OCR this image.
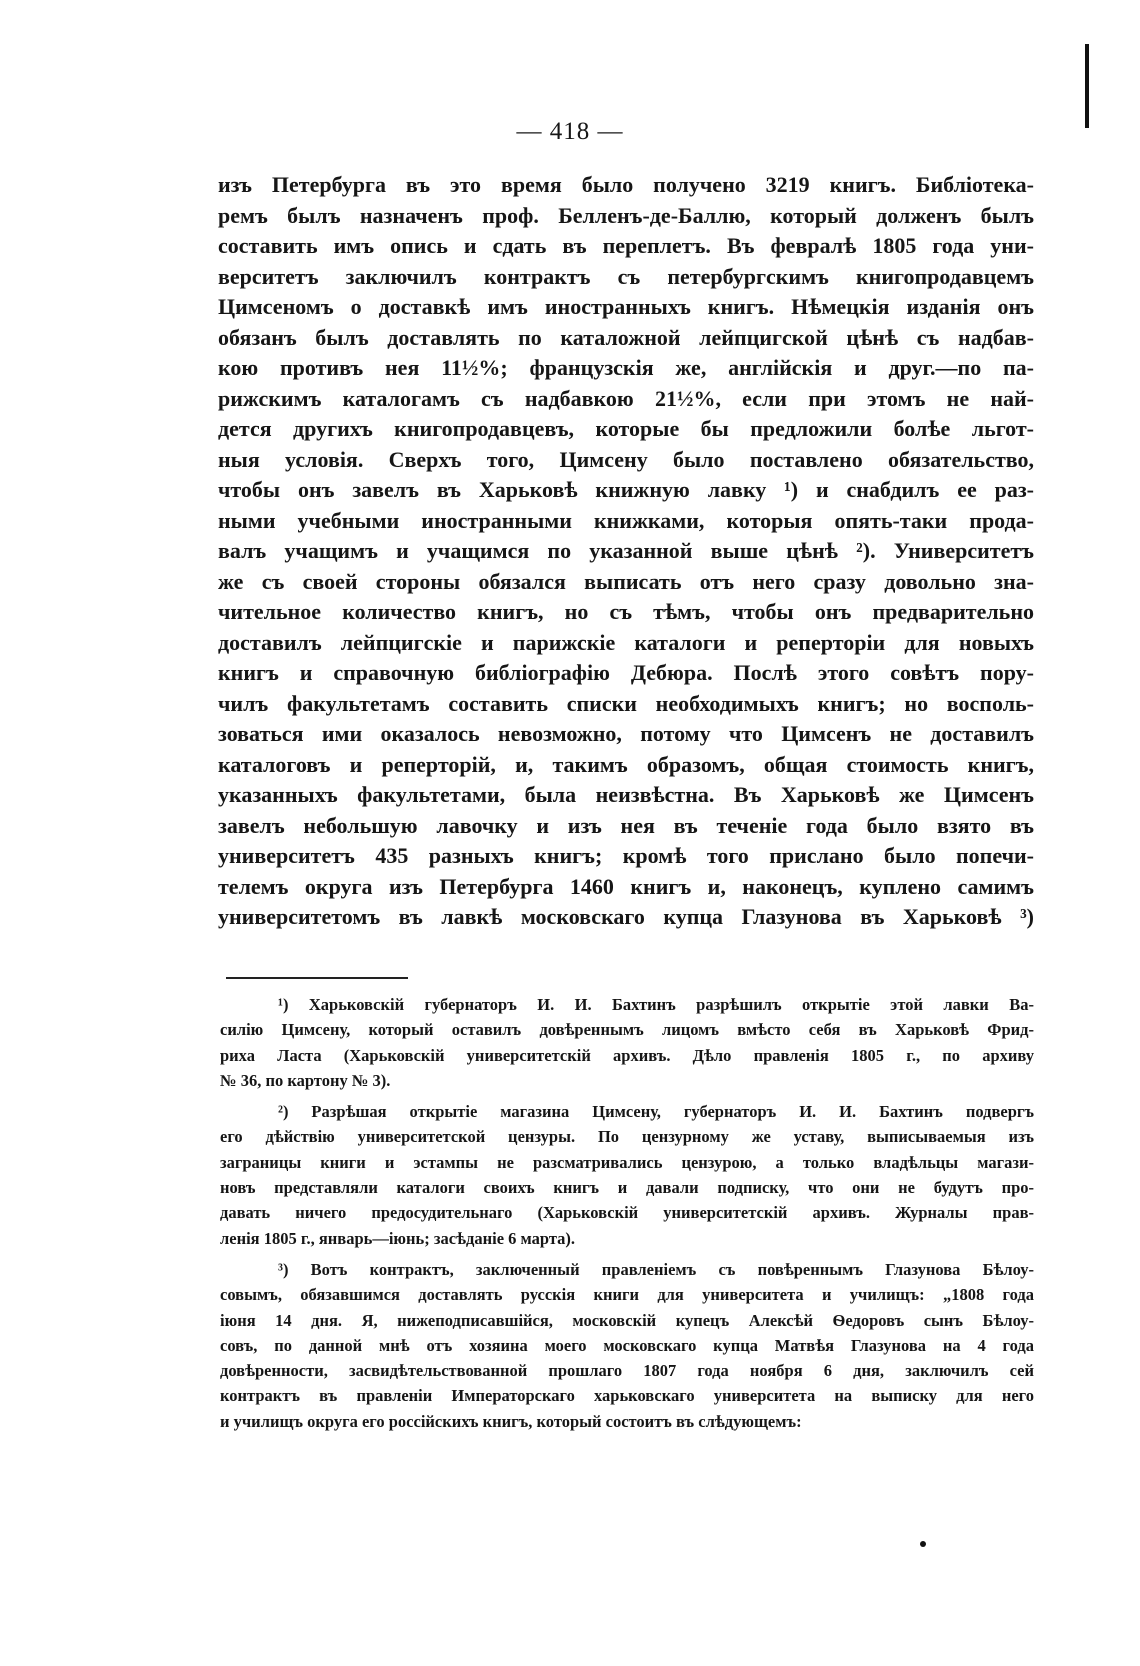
— 418 —

изъ Петербурга въ это время было получено 3219 книгъ. Библіотека-
ремъ былъ назначенъ проф. Белленъ-де-Баллю, который долженъ былъ
составить имъ опись и сдать въ переплетъ. Въ февралѣ 1805 года уни-
верситетъ заключилъ контрактъ съ петербургскимъ книгопродавцемъ
Цимсеномъ о доставкѣ имъ иностранныхъ книгъ. Нѣмецкія изданія онъ
обязанъ былъ доставлять по каталожной лейпцигской цѣнѣ съ надбав-
кою противъ нея 11½%; французскія же, англійскія и друг.—по па-
рижскимъ каталогамъ съ надбавкою 21½%, если при этомъ не най-
дется другихъ книгопродавцевъ, которые бы предложили болѣе льгот-
ныя условія. Сверхъ того, Цимсену было поставлено обязательство,
чтобы онъ завелъ въ Харьковѣ книжную лавку ¹) и снабдилъ ее раз-
ными учебными иностранными книжками, которыя опять-таки прода-
валъ учащимъ и учащимся по указанной выше цѣнѣ ²). Университетъ
же съ своей стороны обязался выписать отъ него сразу довольно зна-
чительное количество книгъ, но съ тѣмъ, чтобы онъ предварительно
доставилъ лейпцигскіе и парижскіе каталоги и реперторіи для новыхъ
книгъ и справочную библіографію Дебюра. Послѣ этого совѣтъ пору-
чилъ факультетамъ составить списки необходимыхъ книгъ; но восполь-
зоваться ими оказалось невозможно, потому что Цимсенъ не доставилъ
каталоговъ и реперторій, и, такимъ образомъ, общая стоимость книгъ,
указанныхъ факультетами, была неизвѣстна. Въ Харьковѣ же Цимсенъ
завелъ небольшую лавочку и изъ нея въ теченіе года было взято въ
университетъ 435 разныхъ книгъ; кромѣ того прислано было попечи-
телемъ округа изъ Петербурга 1460 книгъ и, наконецъ, куплено самимъ
университетомъ въ лавкѣ московскаго купца Глазунова въ Харьковѣ ³)

¹) Харьковскій губернаторъ И. И. Бахтинъ разрѣшилъ открытіе этой лавки Ва-
силію Цимсену, который оставилъ довѣреннымъ лицомъ вмѣсто себя въ Харьковѣ Фрид-
риха Ласта (Харьковскій университетскій архивъ. Дѣло правленія 1805 г., по архиву
№ 36, по картону № 3).

²) Разрѣшая открытіе магазина Цимсену, губернаторъ И. И. Бахтинъ подвергъ
его дѣйствію университетской цензуры. По цензурному же уставу, выписываемыя изъ
заграницы книги и эстампы не разсматривались цензурою, а только владѣльцы магази-
новъ представляли каталоги своихъ книгъ и давали подписку, что они не будутъ про-
давать ничего предосудительнаго (Харьковскій университетскій архивъ. Журналы прав-
ленія 1805 г., январь—іюнь; засѣданіе 6 марта).

³) Вотъ контрактъ, заключенный правленіемъ съ повѣреннымъ Глазунова Бѣлоу-
совымъ, обязавшимся доставлять русскія книги для университета и училищъ: „1808 года
іюня 14 дня. Я, нижеподписавшійся, московскій купецъ Алексѣй Ѳедоровъ сынъ Бѣлоу-
совъ, по данной мнѣ отъ хозяина моего московскаго купца Матвѣя Глазунова на 4 года
довѣренности, засвидѣтельствованной прошлаго 1807 года ноября 6 дня, заключилъ сей
контрактъ въ правленіи Императорскаго харьковскаго университета на выписку для него
и училищъ округа его россійскихъ книгъ, который состоитъ въ слѣдующемъ:
